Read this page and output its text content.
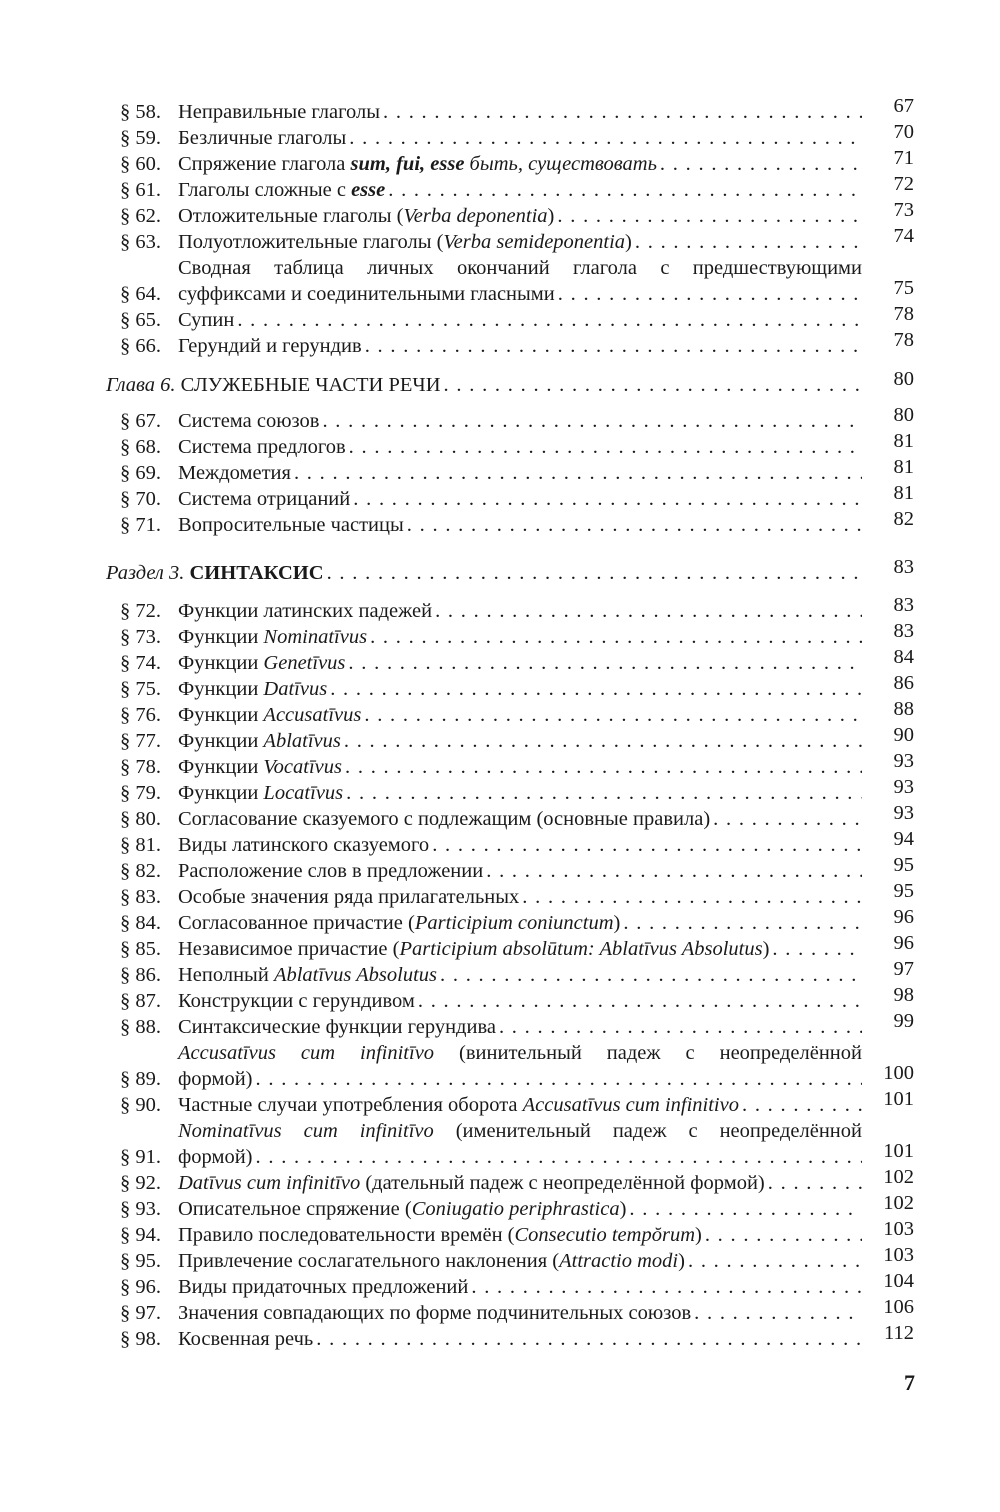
§ 58. Неправильные глаголы . . .	67
§ 59. Безличные глаголы . . .	70
§ 60. Спряжение глагола sum, fui, esse быть, существовать . . .	71
§ 61. Глаголы сложные с esse . . .	72
§ 62. Отложительные глаголы (Verba deponentia) . . .	73
§ 63. Полуотложительные глаголы (Verba semideponentia) . . .	74
§ 64.
Сводная таблица личных окончаний глагола с предшествующими
суффиксами и соединительными гласными . . .	75
§ 65. Супин . . .	78
§ 66. Герундий и герундив . . .	78
Глава 6. СЛУЖЕБНЫЕ ЧАСТИ РЕЧИ . . .	80
§ 67. Система союзов . . .	80
§ 68. Система предлогов . . .	81
§ 69. Междометия . . .	81
§ 70. Система отрицаний . . .	81
§ 71. Вопросительные частицы . . .	82
Раздел 3. СИНТАКСИС . . .	83
§ 72. Функции латинских падежей . . .	83
§ 73. Функции Nominatīvus . . .	83
§ 74. Функции Genetīvus . . .	84
§ 75. Функции Datīvus . . .	86
§ 76. Функции Accusatīvus . . .	88
§ 77. Функции Ablatīvus . . .	90
§ 78. Функции Vocatīvus . . .	93
§ 79. Функции Locatīvus . . .	93
§ 80. Согласование сказуемого с подлежащим (основные правила) . . .	93
§ 81. Виды латинского сказуемого . . .	94
§ 82. Расположение слов в предложении . . .	95
§ 83. Особые значения ряда прилагательных . . .	95
§ 84. Согласованное причастие (Participium coniunctum) . . .	96
§ 85. Независимое причастие (Participium absolūtum: Ablatīvus Absolutus) . . .	96
§ 86. Неполный Ablatīvus Absolutus . . .	97
§ 87. Конструкции с герундивом . . .	98
§ 88. Синтаксические функции герундива . . .	99
§ 89.
Accusatīvus cum infinitīvo (винительный падеж с неопределённой
формой) . . .	100
§ 90. Частные случаи употребления оборота Accusatīvus cum infinitivo . . .	101
§ 91.
Nominatīvus cum infinitīvo (именительный падеж с неопределённой
формой) . . .	101
§ 92. Datīvus cum infinitīvo (дательный падеж с неопределённой формой) . . .	102
§ 93. Описательное спряжение (Coniugatio periphrastica) . . .	102
§ 94. Правило последовательности времён (Consecutio tempŏrum) . . .	103
§ 95. Привлечение сослагательного наклонения (Attractio modi) . . .	103
§ 96. Виды придаточных предложений . . .	104
§ 97. Значения совпадающих по форме подчинительных союзов . . .	106
§ 98. Косвенная речь . . .	112
7
